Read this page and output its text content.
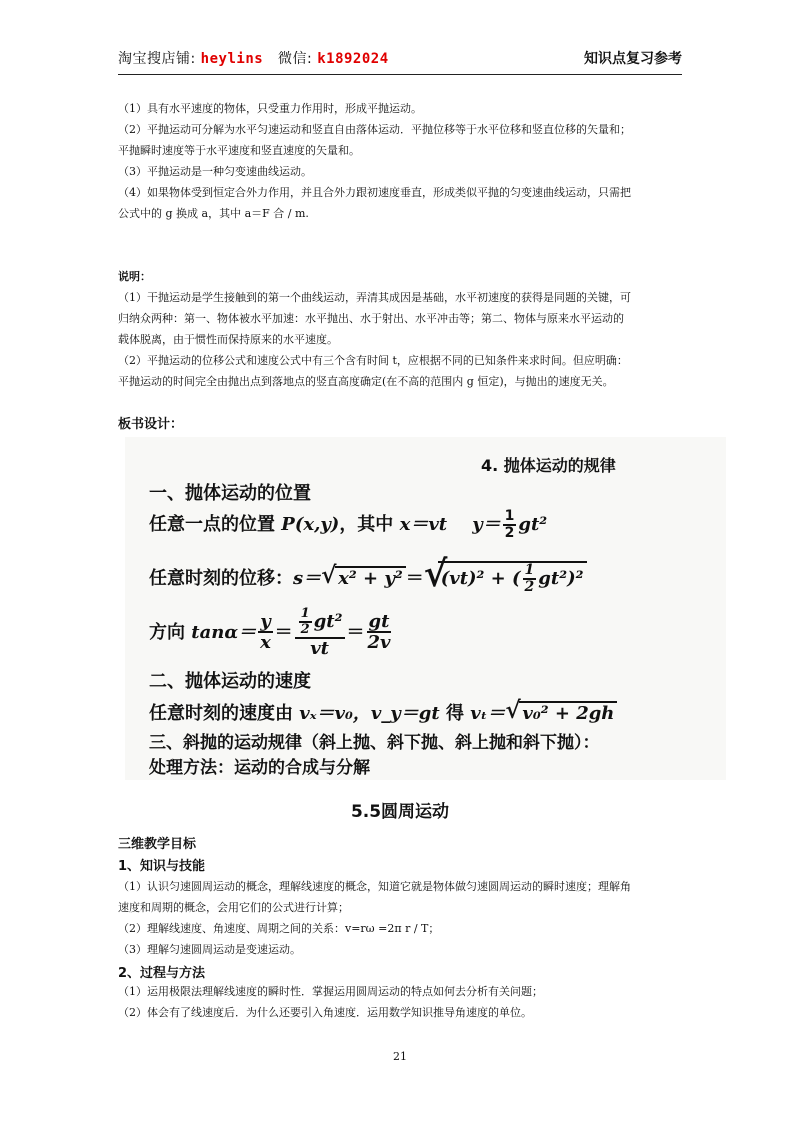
淘宝搜店铺: heylins 微信: k1892024	知识点复习参考

（1）具有水平速度的物体，只受重力作用时，形成平抛运动。

（2）平抛运动可分解为水平匀速运动和竖直自由落体运动．平抛位移等于水平位移和竖直位移的矢量和；

平抛瞬时速度等于水平速度和竖直速度的矢量和。

（3）平抛运动是一种匀变速曲线运动。

（4）如果物体受到恒定合外力作用，并且合外力跟初速度垂直，形成类似平抛的匀变速曲线运动，只需把

公式中的 g 换成 a，其中 a＝F 合 / m.

说明：

（1）干抛运动是学生接触到的第一个曲线运动，弄清其成因是基础，水平初速度的获得是同题的关键，可

归纳众两种：第一、物体被水平加速：水平抛出、水于射出、水平冲击等；第二、物体与原来水平运动的

载体脱离，由于惯性而保持原来的水平速度。

（2）平抛运动的位移公式和速度公式中有三个含有时间 t，应根据不同的已知条件来求时间。但应明确：

平抛运动的时间完全由抛出点到落地点的竖直高度确定(在不高的范围内 g 恒定)，与抛出的速度无关。

板书设计：
4. 抛体运动的规律
一、抛体运动的位置
任意一点的位置 P(x,y)，其中 x＝vt $y= \frac{1}{2} gt^2$
任意时刻的位移：s＝ √ x² + y² ＝ √
(vt)² + ( $\frac{1}{2} gt^2)^2$
方向 $\tan\alpha= \frac{y}{x} = \frac{\frac{1}{2} gt^2}{vt} = \frac{gt}{2v}$
二、抛体运动的速度
任意时刻的速度由 vₓ＝v₀，v_y＝gt 得 vₜ＝ √ v₀² + 2gh
三、斜抛的运动规律（斜上抛、斜下抛、斜上抛和斜下抛）：
处理方法：运动的合成与分解
5.5圆周运动
三维教学目标
1、知识与技能

（1）认识匀速圆周运动的概念，理解线速度的概念，知道它就是物体做匀速圆周运动的瞬时速度；理解角

速度和周期的概念，会用它们的公式进行计算；

（2）理解线速度、角速度、周期之间的关系：v=rω =2π r / T；

（3）理解匀速圆周运动是变速运动。

2、过程与方法

（1）运用极限法理解线速度的瞬时性．掌握运用圆周运动的特点如何去分析有关问题；

（2）体会有了线速度后．为什么还要引入角速度．运用数学知识推导角速度的单位。

21
